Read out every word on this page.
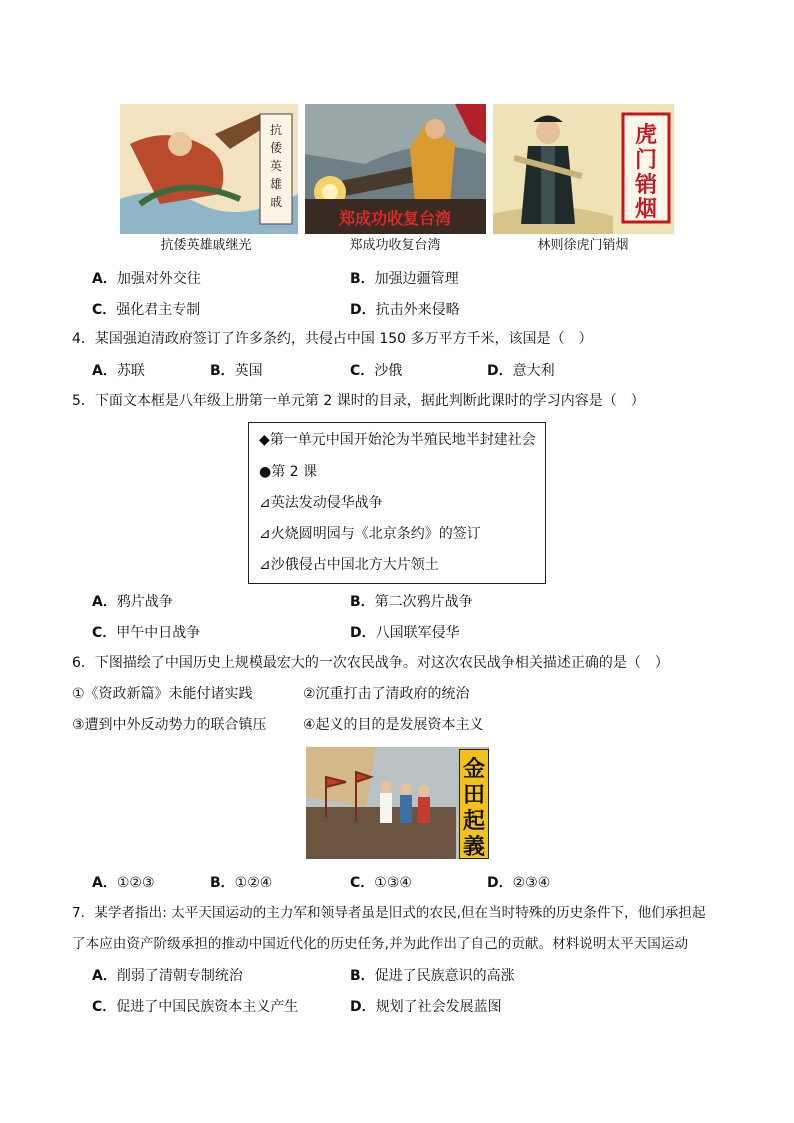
抗
倭
英
雄
戚
郑成功收复台湾
虎
门
销
烟
抗倭英雄戚继光	郑成功收复台湾	林则徐虎门销烟
A．加强对外交往	B．加强边疆管理
C．强化君主专制	D．抗击外来侵略
4．某国强迫清政府签订了许多条约，共侵占中国 150 多万平方千米，该国是（　）
A．苏联	B．英国	C．沙俄	D．意大利
5．下面文本框是八年级上册第一单元第 2 课时的目录，据此判断此课时的学习内容是（　）
◆第一单元中国开始沦为半殖民地半封建社会
●第 2 课
⊿英法发动侵华战争
⊿火烧圆明园与《北京条约》的签订
⊿沙俄侵占中国北方大片领土
A．鸦片战争	B．第二次鸦片战争
C．甲午中日战争	D．八国联军侵华
6．下图描绘了中国历史上规模最宏大的一次农民战争。对这次农民战争相关描述正确的是（　）
①《资政新篇》未能付诸实践	②沉重打击了清政府的统治
③遭到中外反动势力的联合镇压	④起义的目的是发展资本主义
金
田
起
義
A．①②③	B．①②④	C．①③④	D．②③④
7．某学者指出: 太平天国运动的主力军和领导者虽是旧式的农民,但在当时特殊的历史条件下，他们承担起
了本应由资产阶级承担的推动中国近代化的历史任务,并为此作出了自己的贡献。材料说明太平天国运动
A．削弱了清朝专制统治	B．促进了民族意识的高涨
C．促进了中国民族资本主义产生	D．规划了社会发展蓝图
